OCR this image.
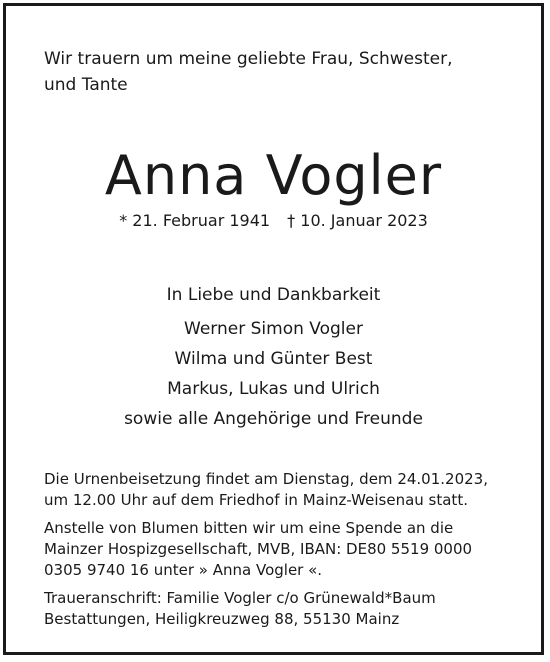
Wir trauern um meine geliebte Frau, Schwester,
und Tante

Anna Vogler
* 21. Februar 1941 † 10. Januar 2023
In Liebe und Dankbarkeit
Werner Simon Vogler
Wilma und Günter Best
Markus, Lukas und Ulrich
sowie alle Angehörige und Freunde

Die Urnenbeisetzung findet am Dienstag, dem 24.01.2023,
um 12.00 Uhr auf dem Friedhof in Mainz-Weisenau statt.

Anstelle von Blumen bitten wir um eine Spende an die
Mainzer Hospizgesellschaft, MVB, IBAN: DE80 5519 0000
0305 9740 16 unter » Anna Vogler «.

Traueranschrift: Familie Vogler c/o Grünewald*Baum
Bestattungen, Heiligkreuzweg 88, 55130 Mainz
